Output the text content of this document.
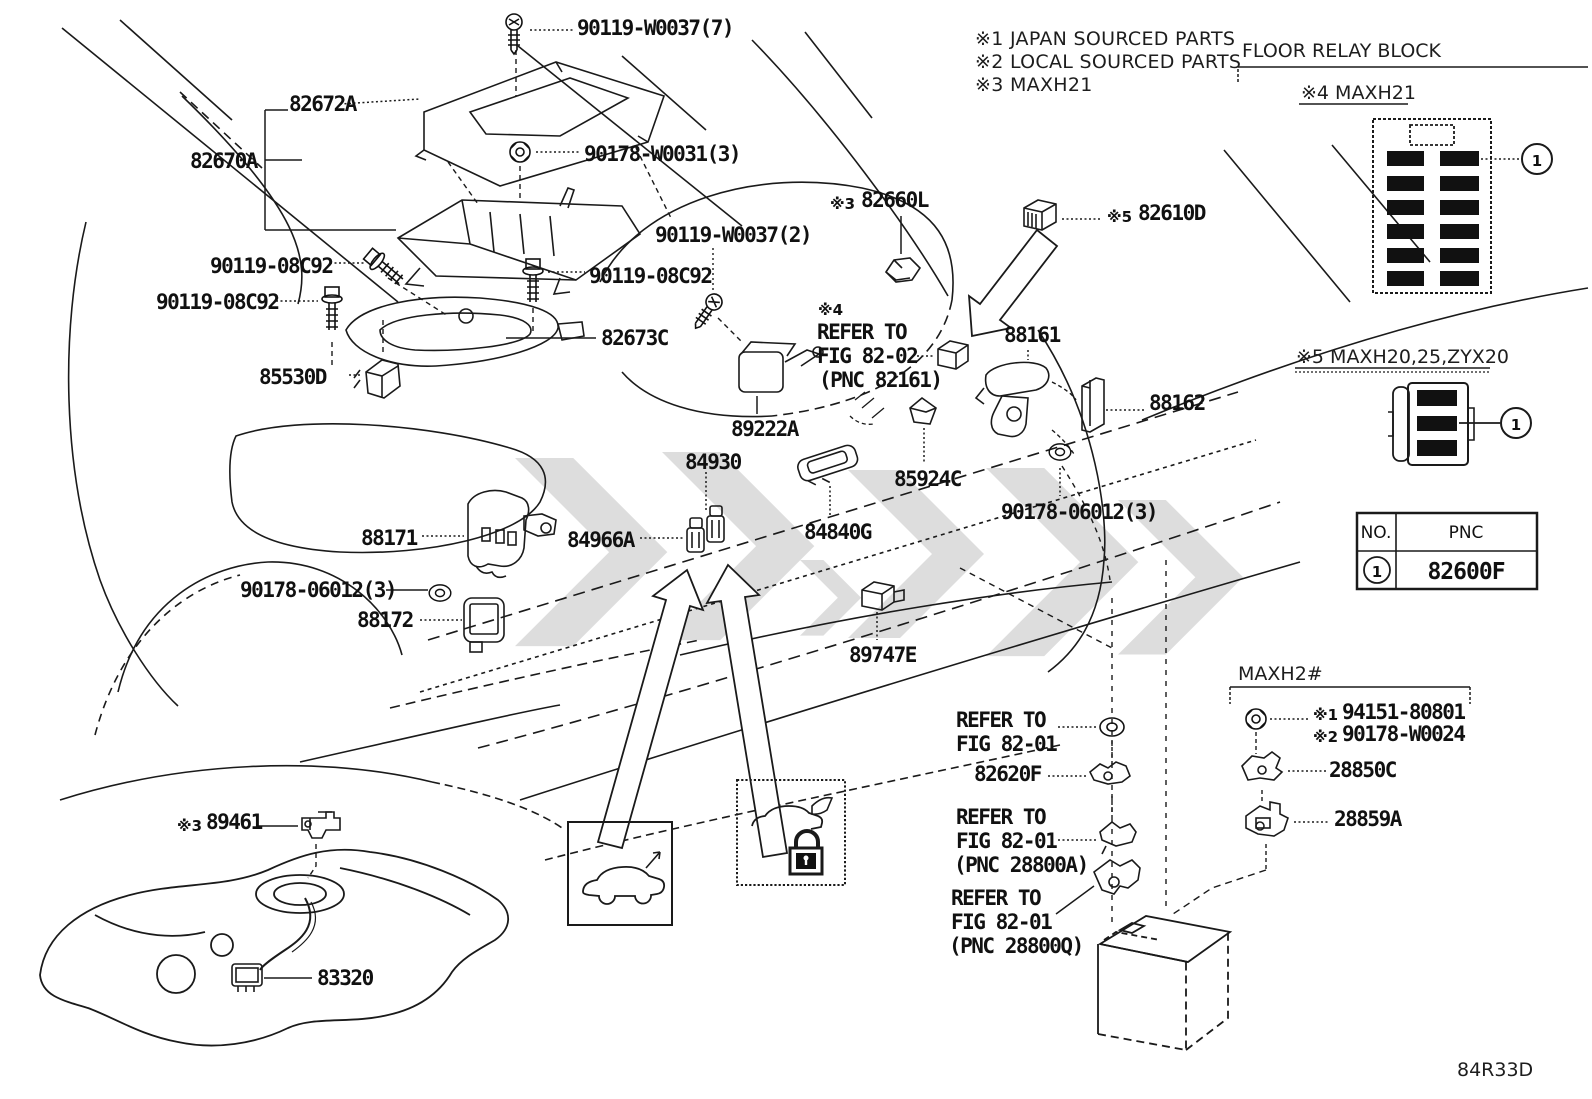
1
1
NO.	PNC
1 82600F
90119-W0037(7)
82672A
82670A	90178-W0031(3)
90119-W0037(2)
90119-08C92	90119-08C92
90119-08C92
82673C
85530D
82660L
82610D
REFER TO
FIG 82-02
(PNC 82161)
88161
89222A
88162
84930
85924C
90178-06012(3)
88171	84966A	84840G
90178-06012(3)
88172
89747E
REFER TO
FIG 82-01
82620F
REFER TO
FIG 82-01
(PNC 28800A)
REFER TO
FIG 82-01
(PNC 28800Q)
94151-80801
90178-W0024
28850C
28859A
89461
83320
※3
※5
※4
※1
※2
※3
※1 JAPAN SOURCED PARTS
※2 LOCAL SOURCED PARTS
※3 MAXH21
FLOOR RELAY BLOCK
※4 MAXH21
※5 MAXH20,25,ZYX20
MAXH2#
84R33D
